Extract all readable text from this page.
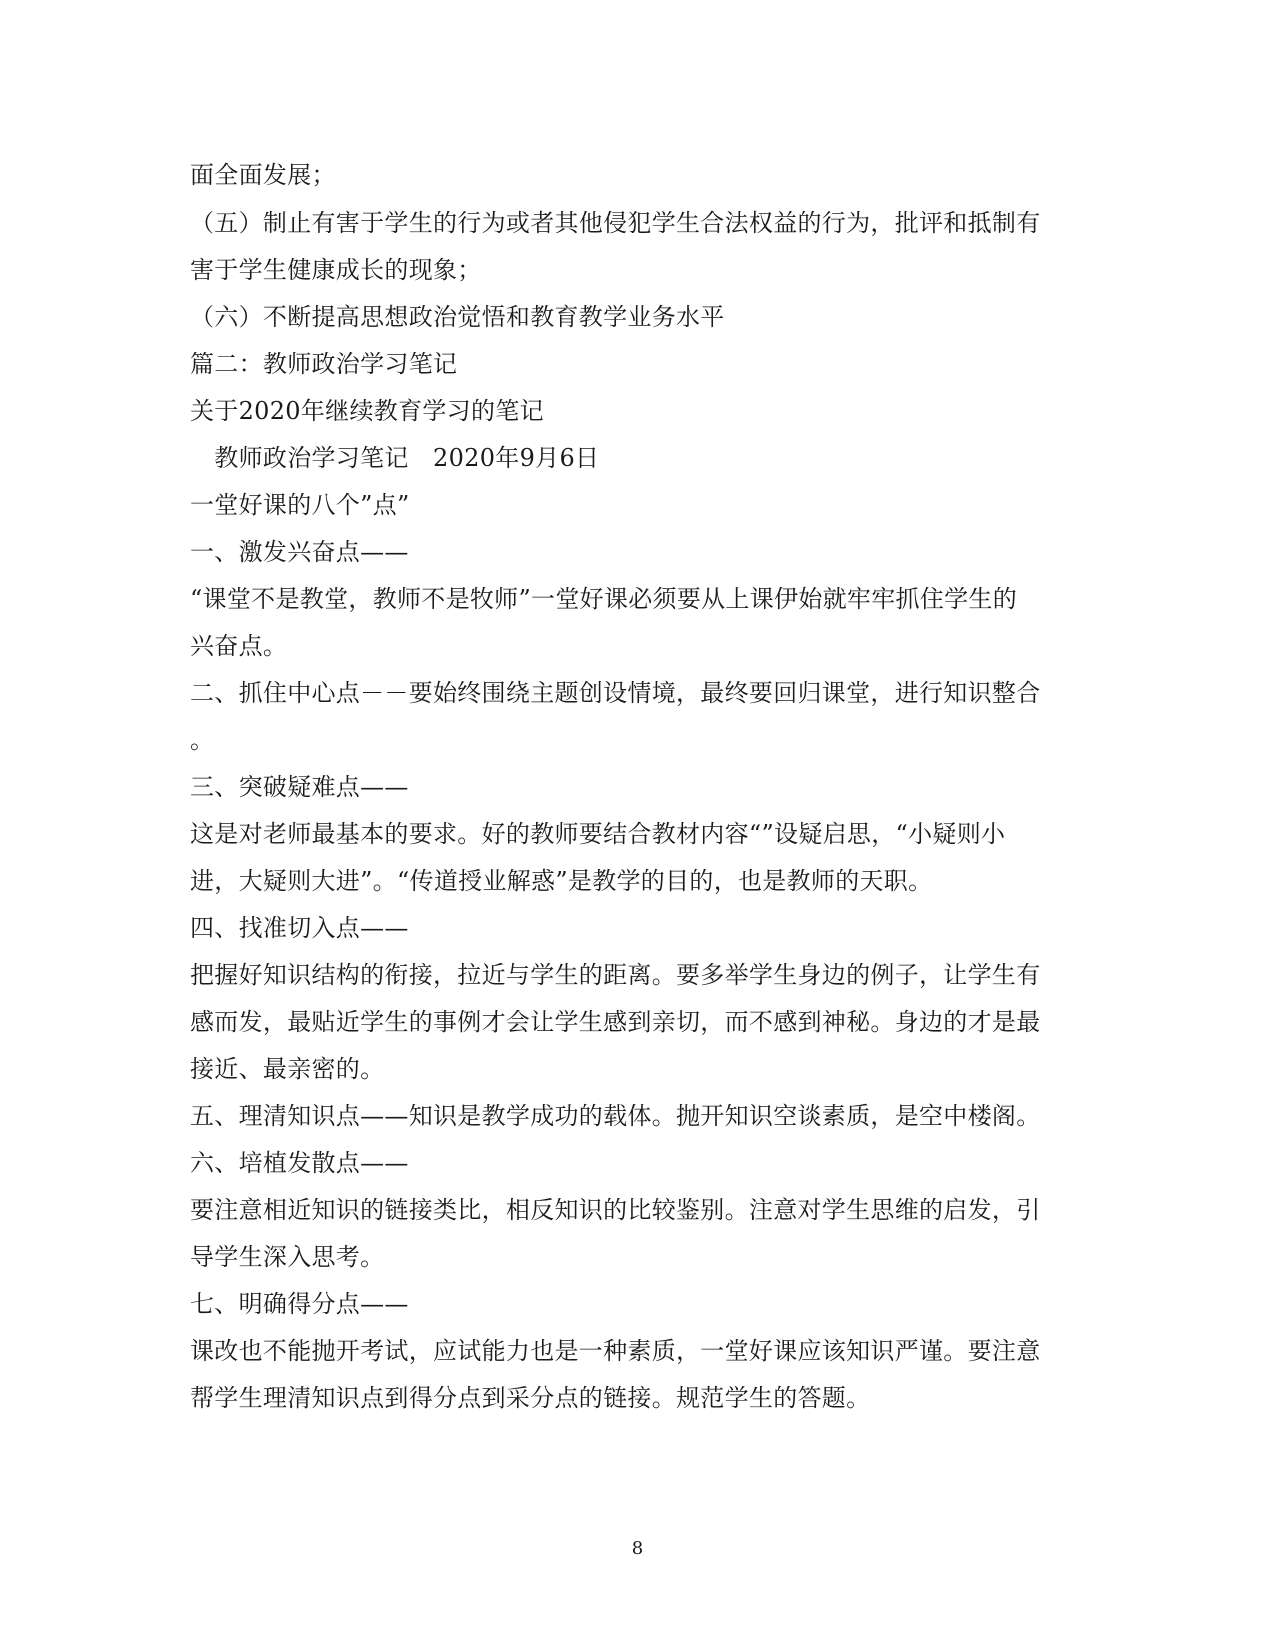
面全面发展；
（五）制止有害于学生的行为或者其他侵犯学生合法权益的行为，批评和抵制有
害于学生健康成长的现象；
（六）不断提高思想政治觉悟和教育教学业务水平
篇二：教师政治学习笔记
关于2020年继续教育学习的笔记
　教师政治学习笔记　2020年9月6日
一堂好课的八个”点”
一、激发兴奋点——
“课堂不是教堂，教师不是牧师”一堂好课必须要从上课伊始就牢牢抓住学生的
兴奋点。
二、抓住中心点－－要始终围绕主题创设情境，最终要回归课堂，进行知识整合
。
三、突破疑难点——
这是对老师最基本的要求。好的教师要结合教材内容“”设疑启思，“小疑则小
进，大疑则大进”。“传道授业解惑”是教学的目的，也是教师的天职。
四、找准切入点——
把握好知识结构的衔接，拉近与学生的距离。要多举学生身边的例子，让学生有
感而发，最贴近学生的事例才会让学生感到亲切，而不感到神秘。身边的才是最
接近、最亲密的。
五、理清知识点——知识是教学成功的载体。抛开知识空谈素质，是空中楼阁。
六、培植发散点——
要注意相近知识的链接类比，相反知识的比较鉴别。注意对学生思维的启发，引
导学生深入思考。
七、明确得分点——
课改也不能抛开考试，应试能力也是一种素质，一堂好课应该知识严谨。要注意
帮学生理清知识点到得分点到采分点的链接。规范学生的答题。
8
